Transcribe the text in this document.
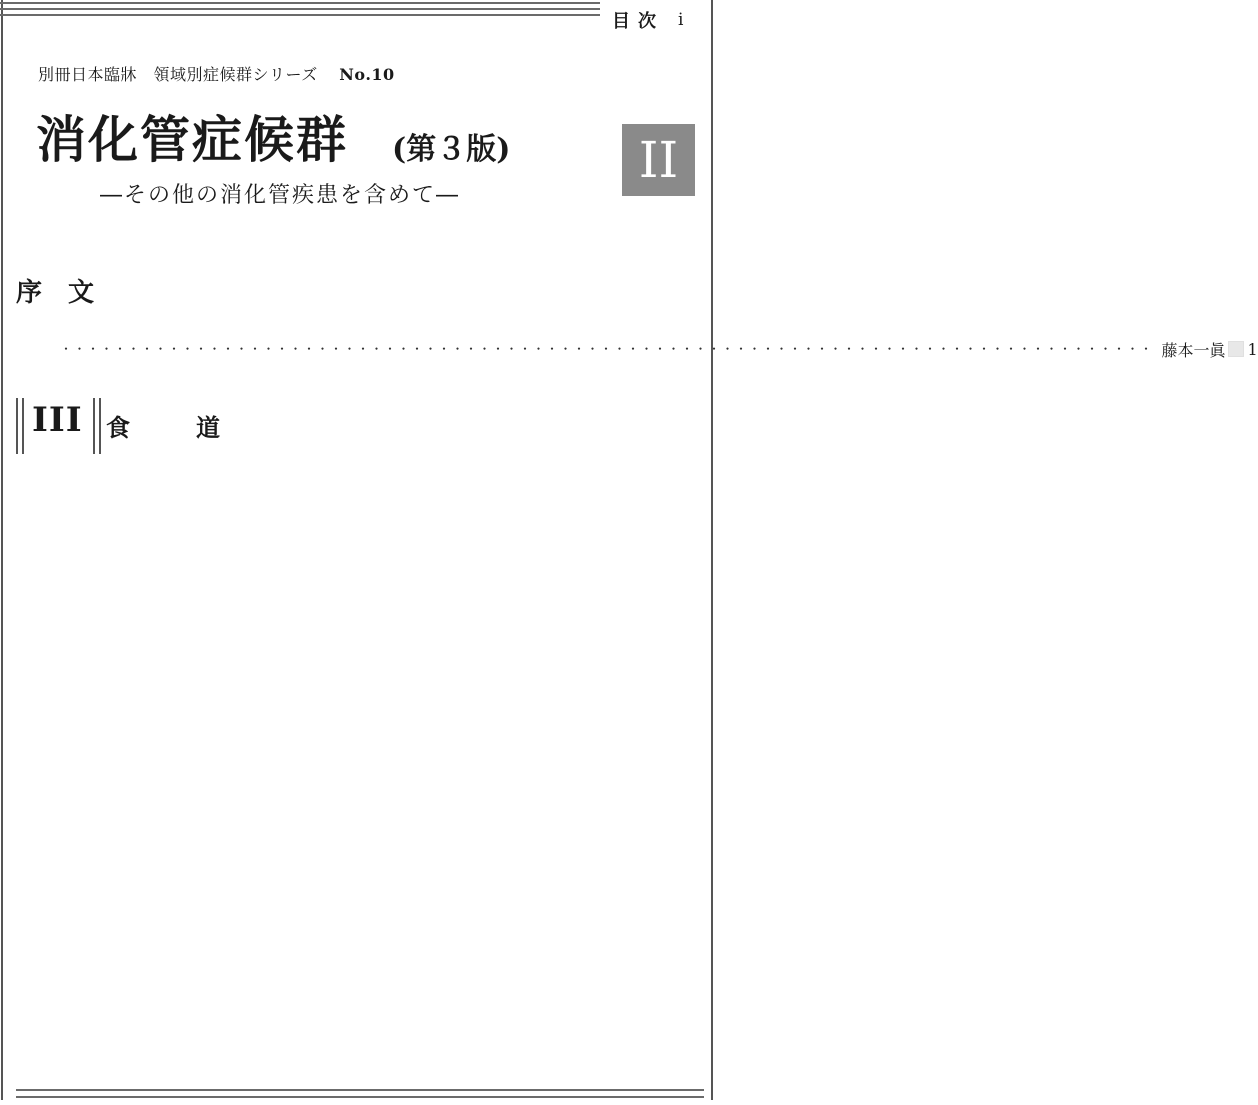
目次 i
別冊日本臨牀　領域別症候群シリーズ No.10
消化管症候群 (第３版)
―その他の消化管疾患を含めて―
II
序文
・・・・・・・・・・・・・・・・・・・・・・・・・・・・・・・・・・・・・・・・・・・・・・・・・・・・・・・・・・・・・・・・・・・・・・・・・・・・・・・・・ 藤本 一眞 1
III 食道
